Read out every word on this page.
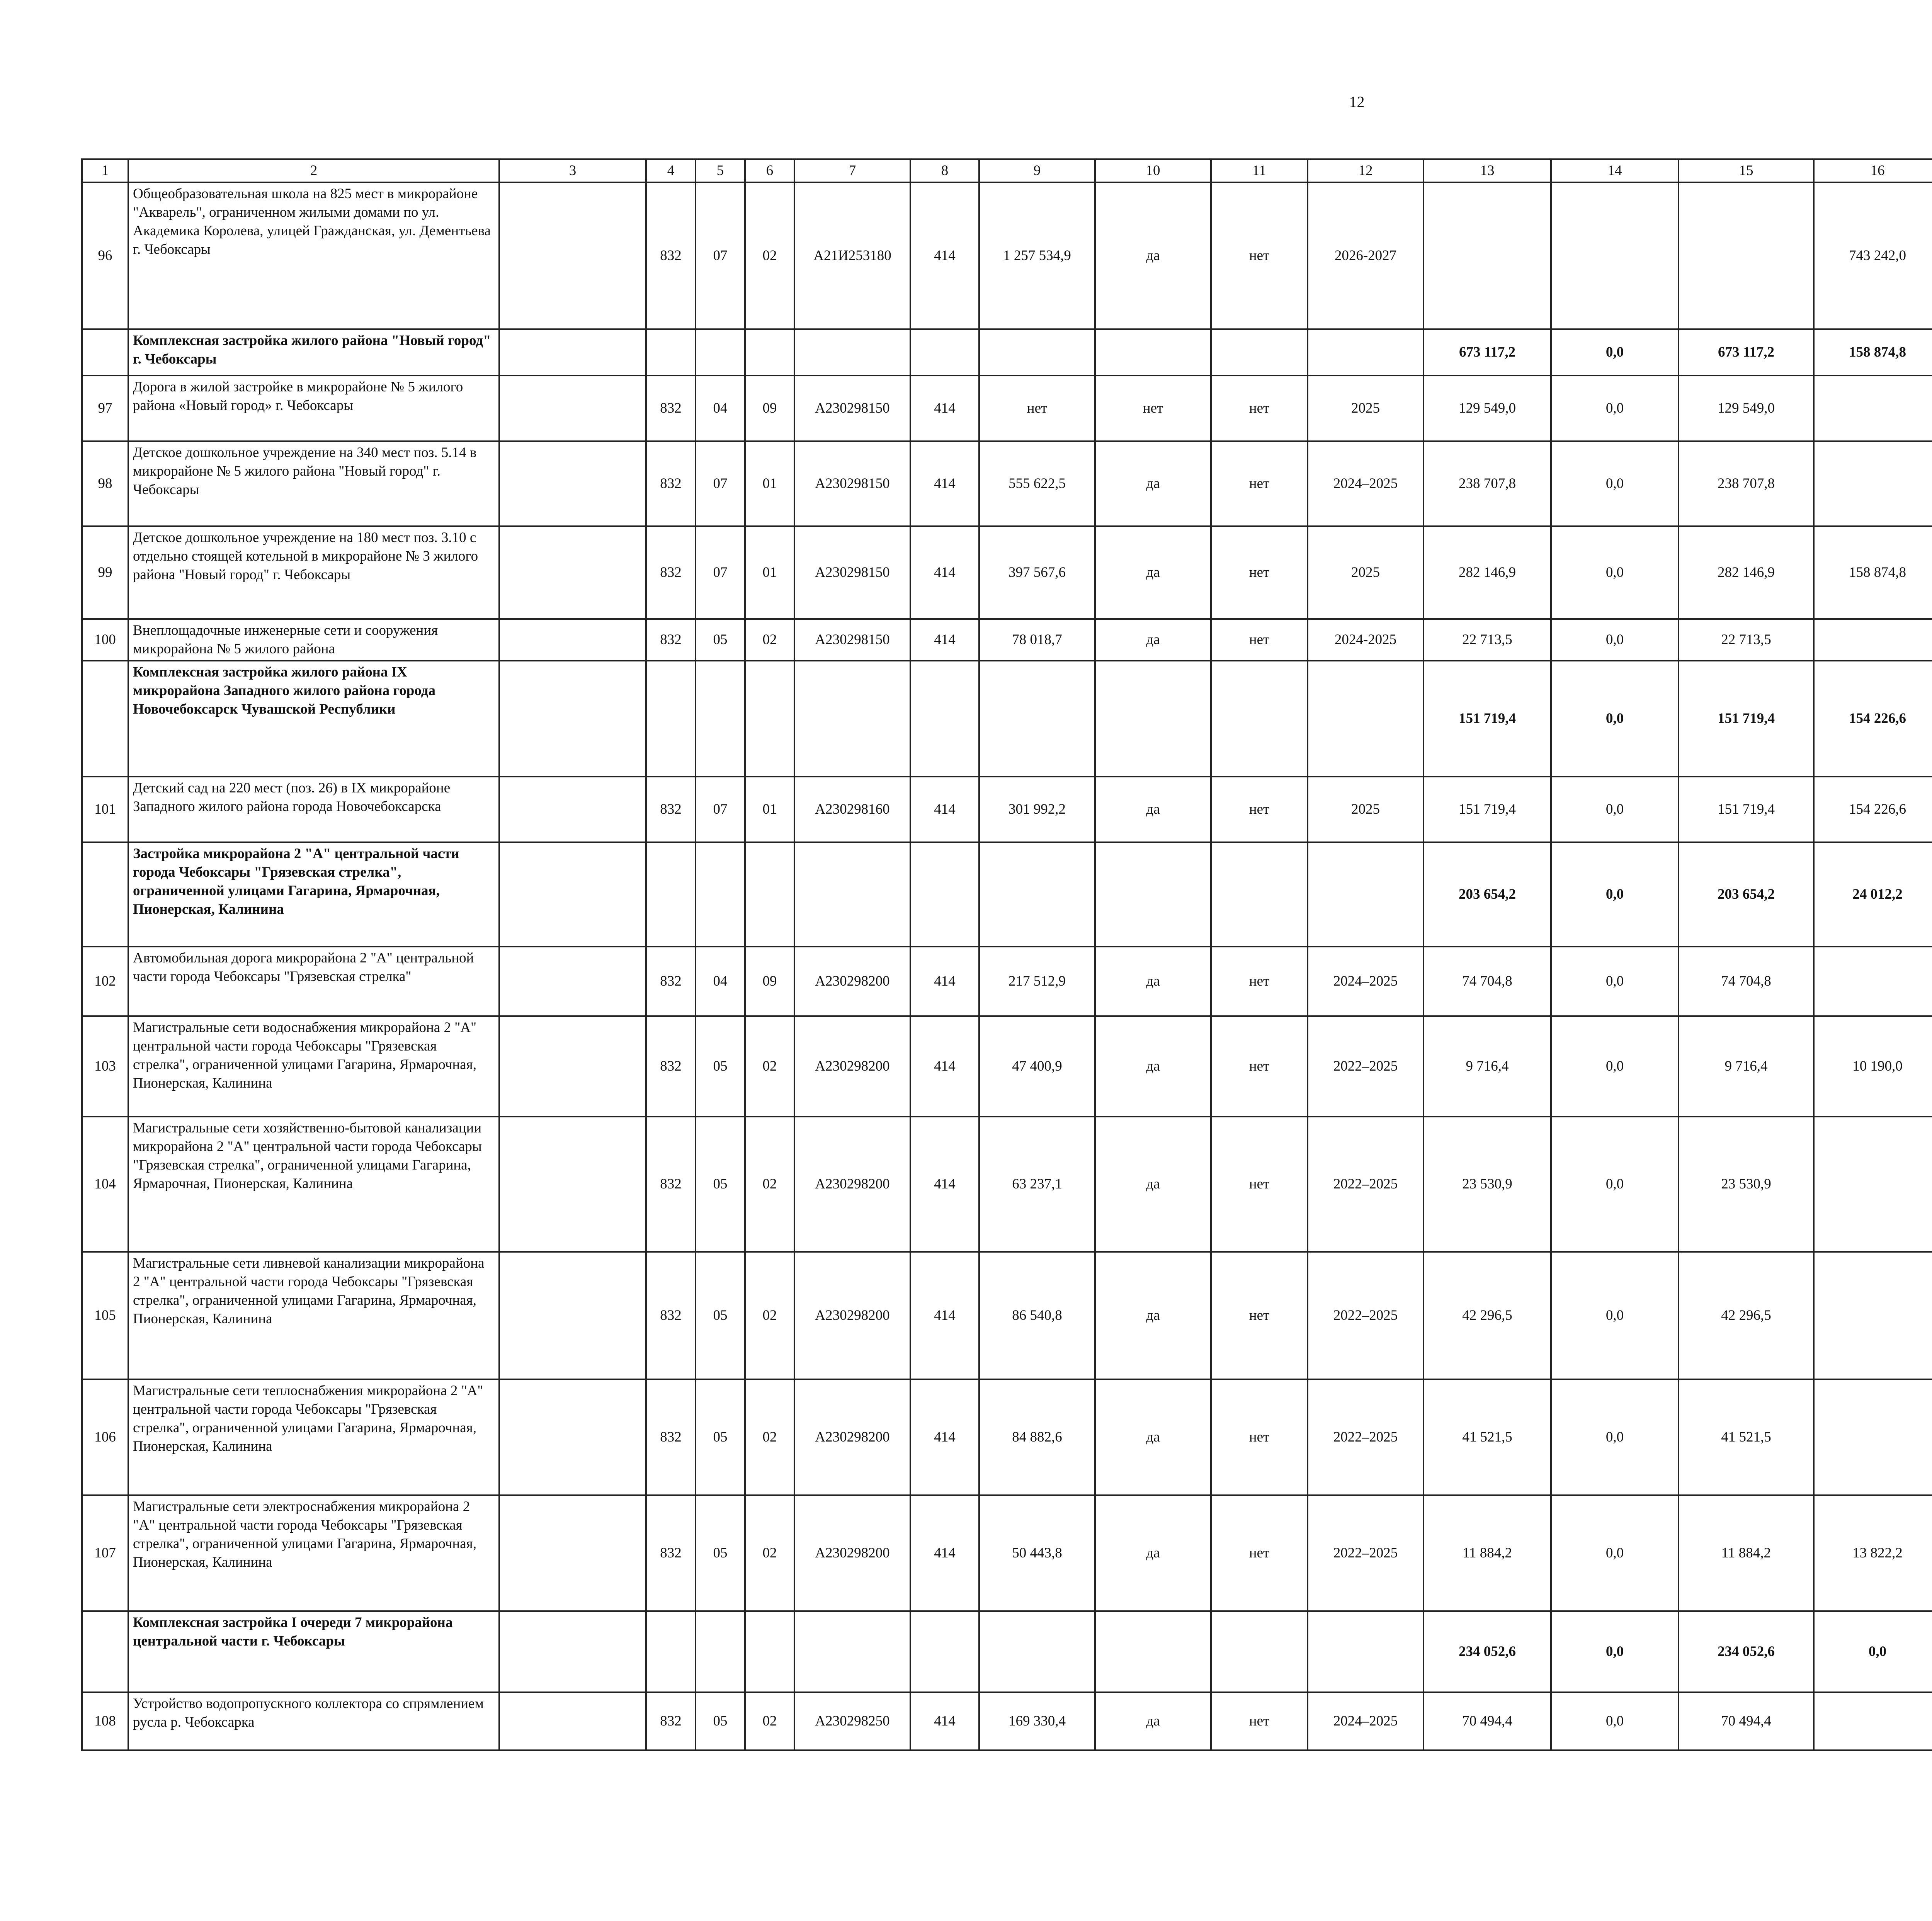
12
1	2	3	4	5	6	7	8	9	10	11	12	13	14	15	16					
96	Общеобразовательная школа на 825 мест в микрорайоне "Акварель", ограниченном жилыми домами по ул. Академика Королева, улицей Гражданская, ул. Дементьева г. Чебоксары		832	07	02	А21И253180	414	1 257 534,9	да	нет	2026-2027				743 242,0					
	Комплексная застройка жилого района "Новый город" г. Чебоксары											673 117,2	0,0	673 117,2	158 874,8					
97	Дорога в жилой застройке в микрорайоне № 5 жилого района «Новый город» г. Чебоксары		832	04	09	А230298150	414	нет	нет	нет	2025	129 549,0	0,0	129 549,0						
98	Детское дошкольное учреждение на 340 мест поз. 5.14 в микрорайоне № 5 жилого района "Новый город" г. Чебоксары		832	07	01	А230298150	414	555 622,5	да	нет	2024–2025	238 707,8	0,0	238 707,8						
99	Детское дошкольное учреждение на 180 мест поз. 3.10 с отдельно стоящей котельной в микрорайоне № 3 жилого района "Новый город" г. Чебоксары		832	07	01	А230298150	414	397 567,6	да	нет	2025	282 146,9	0,0	282 146,9	158 874,8					
100	Внеплощадочные инженерные сети и сооружения микрорайона № 5 жилого района		832	05	02	А230298150	414	78 018,7	да	нет	2024-2025	22 713,5	0,0	22 713,5						
	Комплексная застройка жилого района IX микрорайона Западного жилого района города Новочебоксарск Чувашской Республики											151 719,4	0,0	151 719,4	154 226,6					
101	Детский сад на 220 мест (поз. 26) в IX микрорайоне Западного жилого района города Новочебоксарска		832	07	01	А230298160	414	301 992,2	да	нет	2025	151 719,4	0,0	151 719,4	154 226,6					
	Застройка микрорайона 2 "А" центральной части города Чебоксары "Грязевская стрелка", ограниченной улицами Гагарина, Ярмарочная, Пионерская, Калинина											203 654,2	0,0	203 654,2	24 012,2					
102	Автомобильная дорога микрорайона 2 "А" центральной части города Чебоксары "Грязевская стрелка"		832	04	09	А230298200	414	217 512,9	да	нет	2024–2025	74 704,8	0,0	74 704,8						
103	Магистральные сети водоснабжения микрорайона 2 "А" центральной части города Чебоксары "Грязевская стрелка", ограниченной улицами Гагарина, Ярмарочная, Пионерская, Калинина		832	05	02	А230298200	414	47 400,9	да	нет	2022–2025	9 716,4	0,0	9 716,4	10 190,0					
104	Магистральные сети хозяйственно-бытовой канализации микрорайона 2 "А" центральной части города Чебоксары "Грязевская стрелка", ограниченной улицами Гагарина, Ярмарочная, Пионерская, Калинина		832	05	02	А230298200	414	63 237,1	да	нет	2022–2025	23 530,9	0,0	23 530,9						
105	Магистральные сети ливневой канализации микрорайона 2 "А" центральной части города Чебоксары "Грязевская стрелка", ограниченной улицами Гагарина, Ярмарочная, Пионерская, Калинина		832	05	02	А230298200	414	86 540,8	да	нет	2022–2025	42 296,5	0,0	42 296,5						
106	Магистральные сети теплоснабжения микрорайона 2 "А" центральной части города Чебоксары "Грязевская стрелка", ограниченной улицами Гагарина, Ярмарочная, Пионерская, Калинина		832	05	02	А230298200	414	84 882,6	да	нет	2022–2025	41 521,5	0,0	41 521,5						
107	Магистральные сети электроснабжения микрорайона 2 "А" центральной части города Чебоксары "Грязевская стрелка", ограниченной улицами Гагарина, Ярмарочная, Пионерская, Калинина		832	05	02	А230298200	414	50 443,8	да	нет	2022–2025	11 884,2	0,0	11 884,2	13 822,2					
	Комплексная застройка I очереди 7 микрорайона центральной части г. Чебоксары											234 052,6	0,0	234 052,6	0,0					
108	Устройство водопропускного коллектора со спрямлением русла р. Чебоксарка		832	05	02	А230298250	414	169 330,4	да	нет	2024–2025	70 494,4	0,0	70 494,4						
